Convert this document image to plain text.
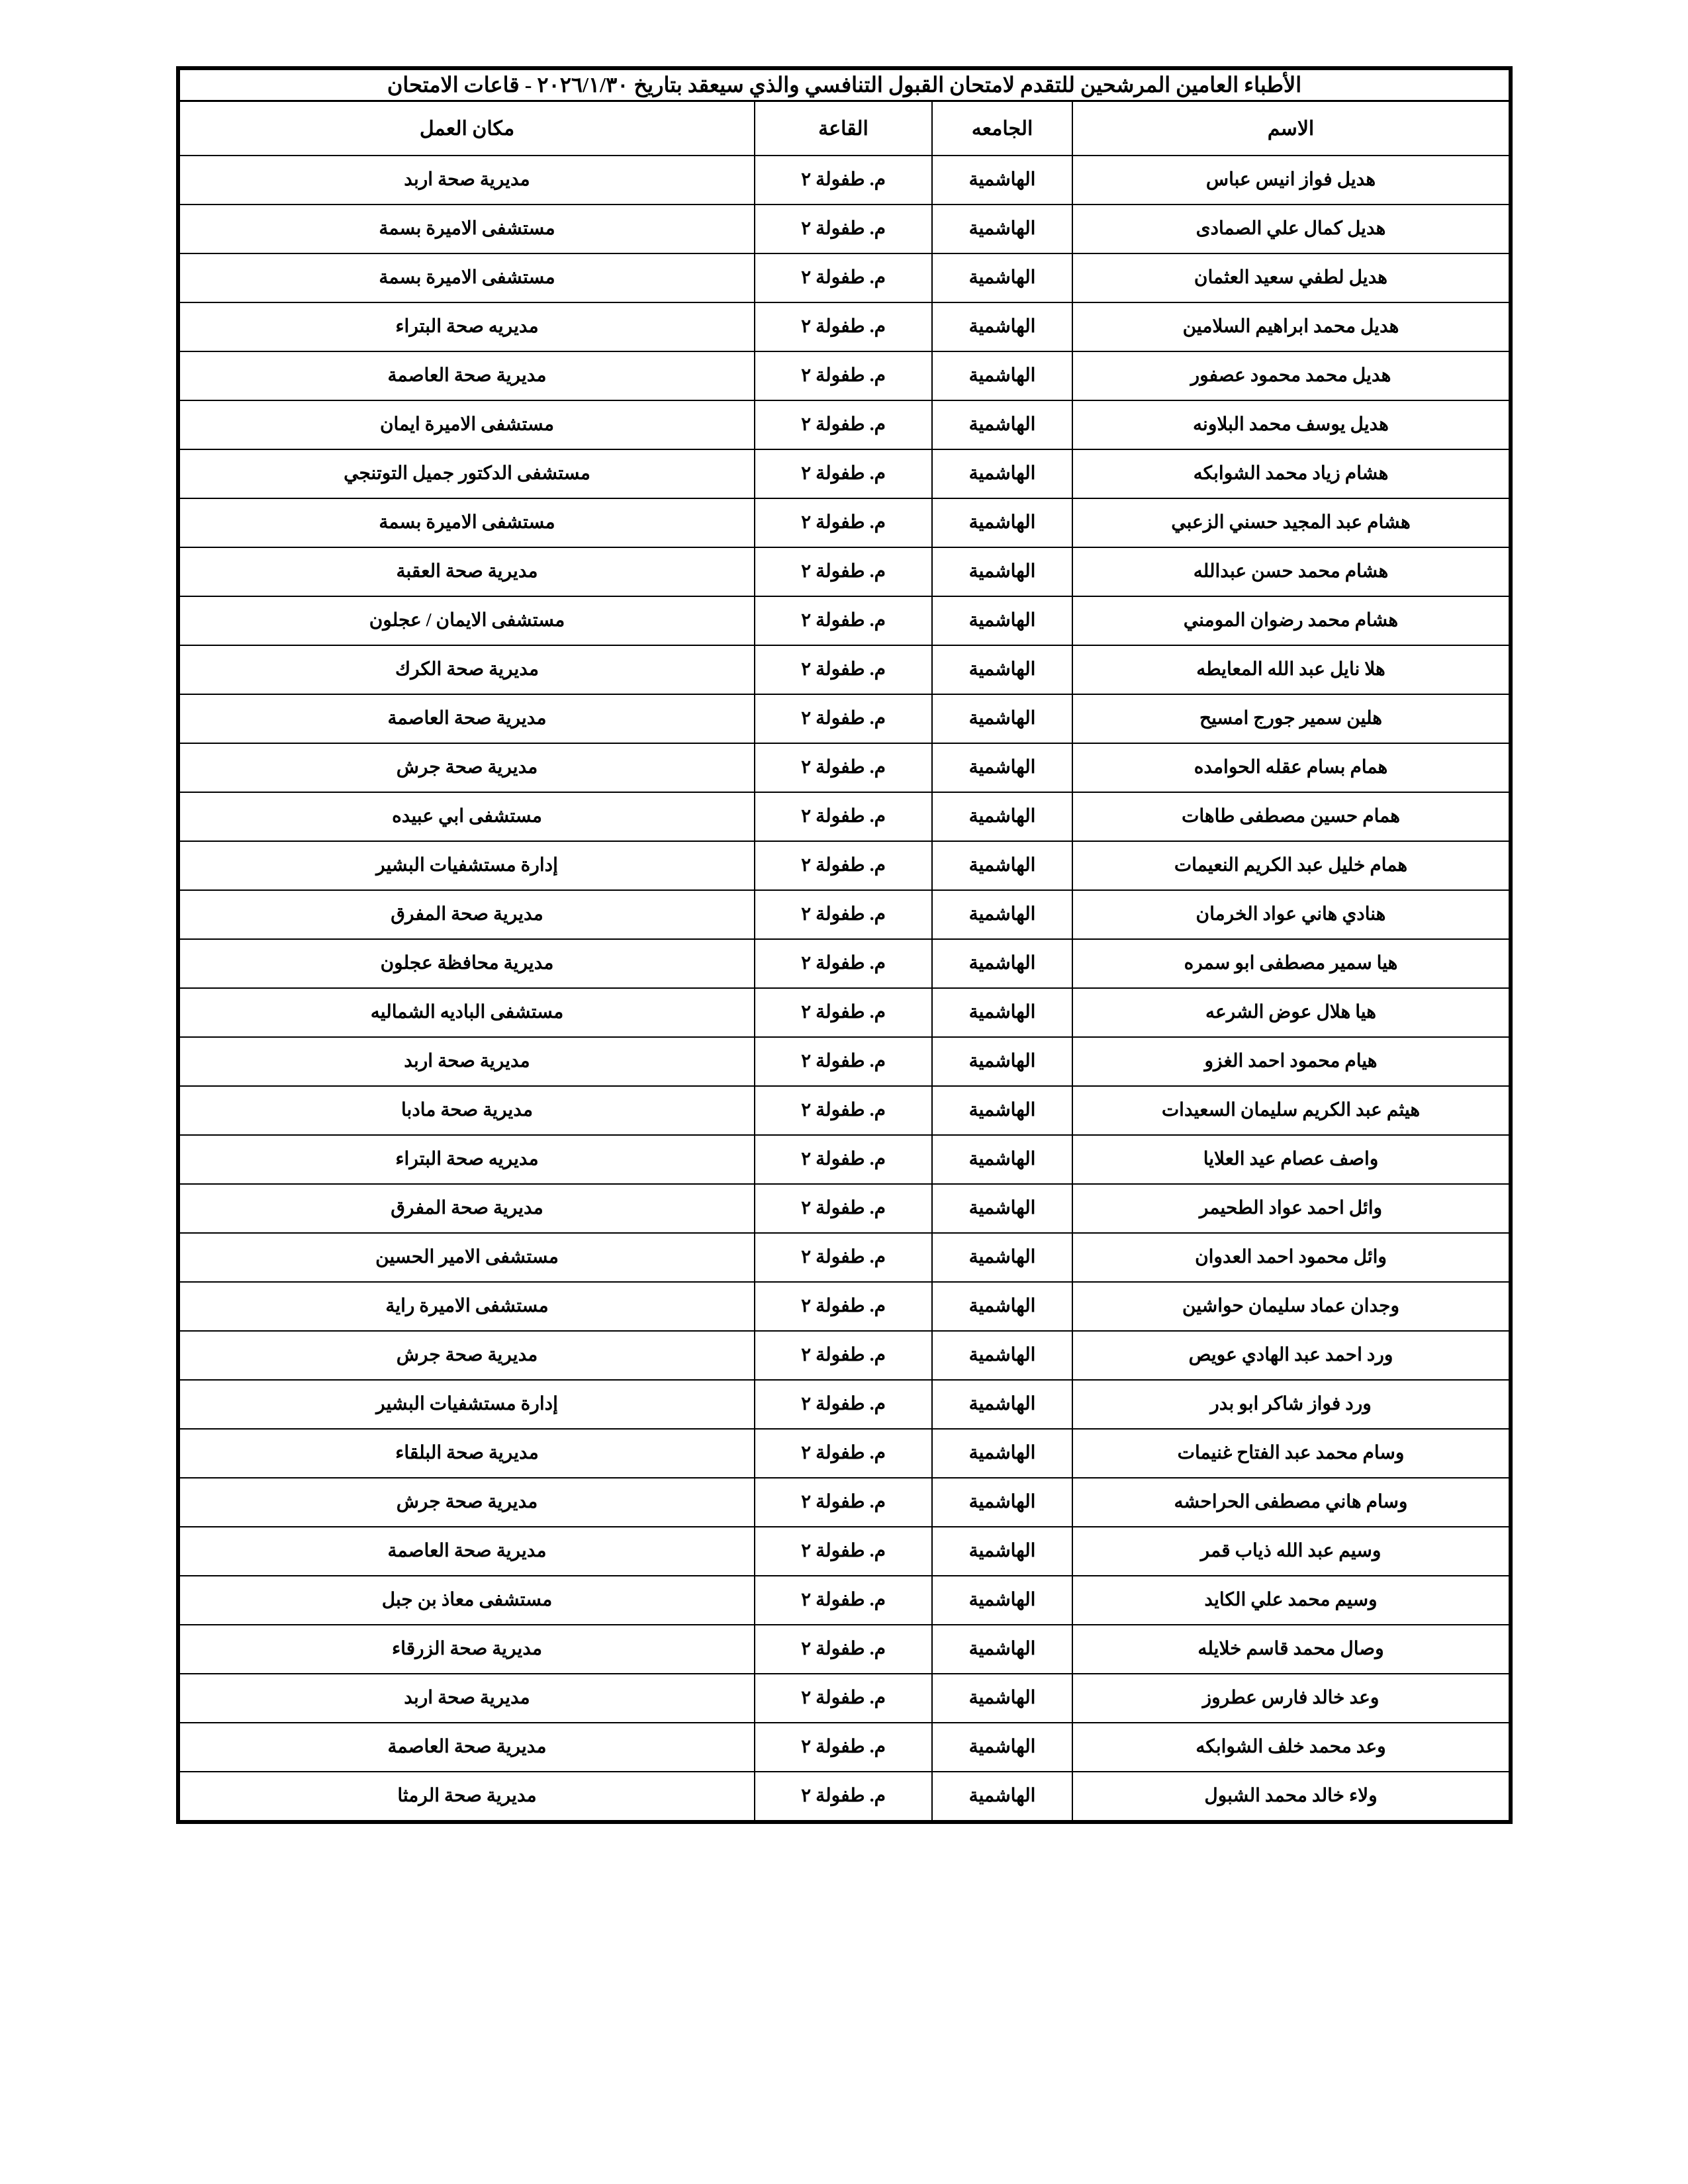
الأطباء العامين المرشحين للتقدم لامتحان القبول التنافسي والذي سيعقد بتاريخ ٢٠٢٦/١/٣٠ - قاعات الامتحان			
الاسم	الجامعه	القاعة	مكان العمل
هديل فواز انيس عباس	الهاشمية	م. طفولة ٢	مديرية صحة اربد
هديل كمال علي الصمادى	الهاشمية	م. طفولة ٢	مستشفى الاميرة بسمة
هديل لطفي سعيد العثمان	الهاشمية	م. طفولة ٢	مستشفى الاميرة بسمة
هديل محمد ابراهيم السلامين	الهاشمية	م. طفولة ٢	مديريه صحة البتراء
هديل محمد محمود عصفور	الهاشمية	م. طفولة ٢	مديرية صحة العاصمة
هديل يوسف محمد البلاونه	الهاشمية	م. طفولة ٢	مستشفى الاميرة ايمان
هشام زياد محمد الشوابكه	الهاشمية	م. طفولة ٢	مستشفى الدكتور جميل التوتنجي
هشام عبد المجيد حسني الزعبي	الهاشمية	م. طفولة ٢	مستشفى الاميرة بسمة
هشام محمد حسن عبدالله	الهاشمية	م. طفولة ٢	مديرية صحة العقبة
هشام محمد رضوان المومني	الهاشمية	م. طفولة ٢	مستشفى الايمان / عجلون
هلا نايل عبد الله المعايطه	الهاشمية	م. طفولة ٢	مديرية صحة الكرك
هلين سمير جورج امسيح	الهاشمية	م. طفولة ٢	مديرية صحة العاصمة
همام بسام عقله الحوامده	الهاشمية	م. طفولة ٢	مديرية صحة جرش
همام حسين مصطفى طاهات	الهاشمية	م. طفولة ٢	مستشفى ابي عبيده
همام خليل عبد الكريم النعيمات	الهاشمية	م. طفولة ٢	إدارة مستشفيات البشير
هنادي هاني عواد الخرمان	الهاشمية	م. طفولة ٢	مديرية صحة المفرق
هيا سمير مصطفى ابو سمره	الهاشمية	م. طفولة ٢	مديرية محافظة عجلون
هيا هلال عوض الشرعه	الهاشمية	م. طفولة ٢	مستشفى الباديه الشماليه
هيام محمود احمد الغزو	الهاشمية	م. طفولة ٢	مديرية صحة اربد
هيثم عبد الكريم سليمان السعيدات	الهاشمية	م. طفولة ٢	مديرية صحة مادبا
واصف عصام عيد العلايا	الهاشمية	م. طفولة ٢	مديريه صحة البتراء
وائل احمد عواد الطحيمر	الهاشمية	م. طفولة ٢	مديرية صحة المفرق
وائل محمود احمد العدوان	الهاشمية	م. طفولة ٢	مستشفى الامير الحسين
وجدان عماد سليمان حواشين	الهاشمية	م. طفولة ٢	مستشفى الاميرة راية
ورد احمد عبد الهادي عويص	الهاشمية	م. طفولة ٢	مديرية صحة جرش
ورد فواز شاكر ابو بدر	الهاشمية	م. طفولة ٢	إدارة مستشفيات البشير
وسام محمد عبد الفتاح غنيمات	الهاشمية	م. طفولة ٢	مديرية صحة البلقاء
وسام هاني مصطفى الحراحشه	الهاشمية	م. طفولة ٢	مديرية صحة جرش
وسيم عبد الله ذياب قمر	الهاشمية	م. طفولة ٢	مديرية صحة العاصمة
وسيم محمد علي الكايد	الهاشمية	م. طفولة ٢	مستشفى معاذ بن جبل
وصال محمد قاسم خلايله	الهاشمية	م. طفولة ٢	مديرية صحة الزرقاء
وعد خالد فارس عطروز	الهاشمية	م. طفولة ٢	مديرية صحة اربد
وعد محمد خلف الشوابكه	الهاشمية	م. طفولة ٢	مديرية صحة العاصمة
ولاء خالد محمد الشبول	الهاشمية	م. طفولة ٢	مديرية صحة الرمثا
